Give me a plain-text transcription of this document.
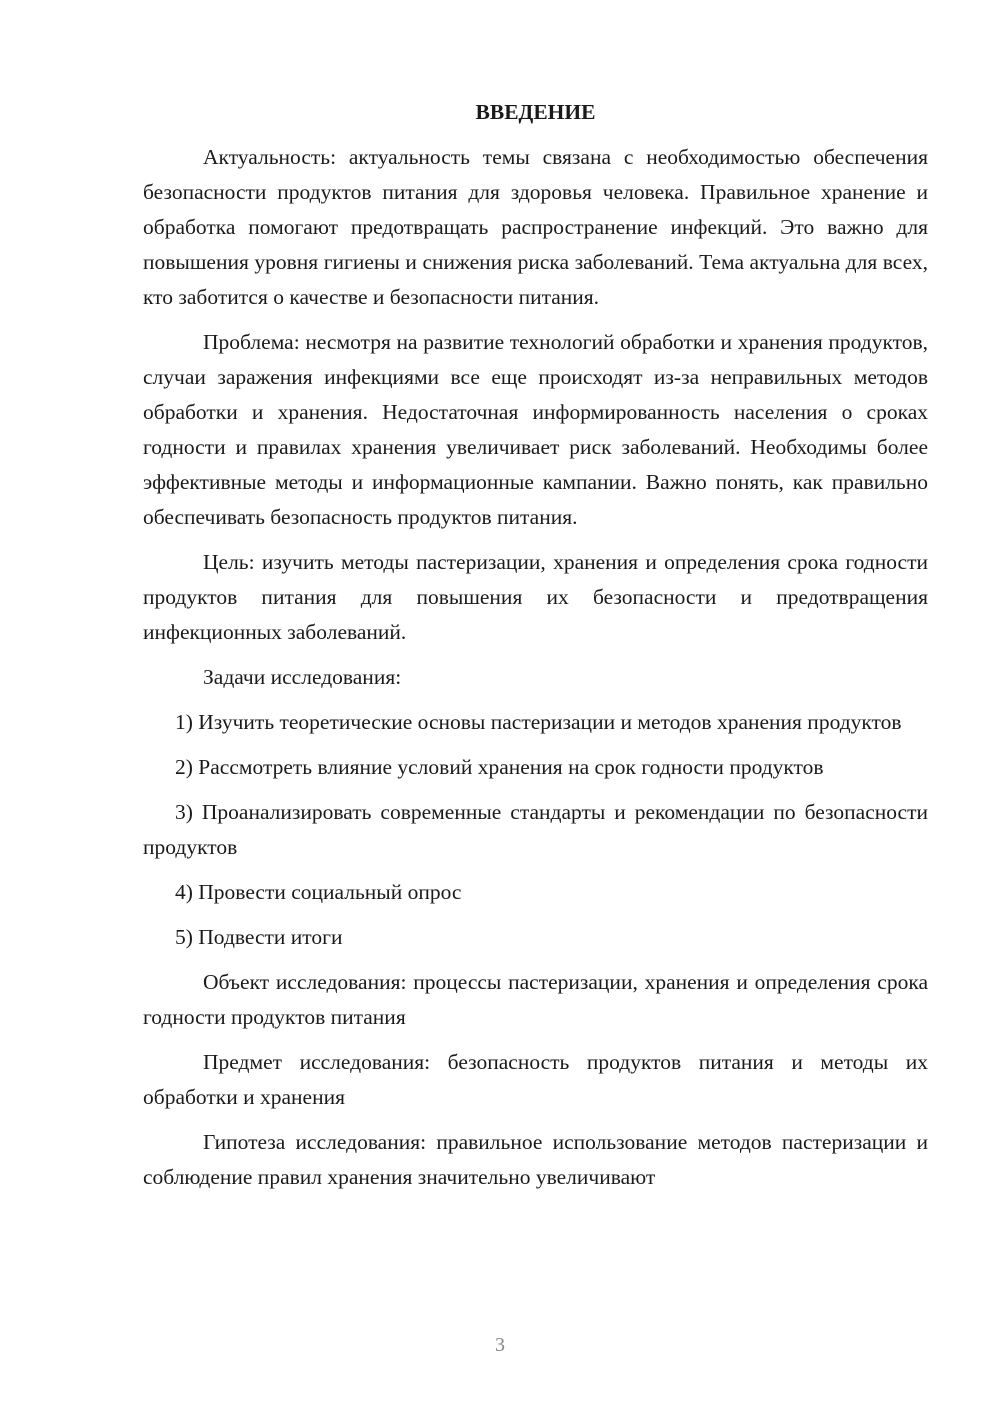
ВВЕДЕНИЕ

Актуальность: актуальность темы связана с необходимостью обеспечения безопасности продуктов питания для здоровья человека. Правильное хранение и обработка помогают предотвращать распространение инфекций. Это важно для повышения уровня гигиены и снижения риска заболеваний. Тема актуальна для всех, кто заботится о качестве и безопасности питания.

Проблема: несмотря на развитие технологий обработки и хранения продуктов, случаи заражения инфекциями все еще происходят из-за неправильных методов обработки и хранения. Недостаточная информированность населения о сроках годности и правилах хранения увеличивает риск заболеваний. Необходимы более эффективные методы и информационные кампании. Важно понять, как правильно обеспечивать безопасность продуктов питания.

Цель: изучить методы пастеризации, хранения и определения срока годности продуктов питания для повышения их безопасности и предотвращения инфекционных заболеваний.

Задачи исследования:

1) Изучить теоретические основы пастеризации и методов хранения продуктов

2) Рассмотреть влияние условий хранения на срок годности продуктов

3) Проанализировать современные стандарты и рекомендации по безопасности продуктов

4) Провести социальный опрос

5) Подвести итоги

Объект исследования: процессы пастеризации, хранения и определения срока годности продуктов питания

Предмет исследования: безопасность продуктов питания и методы их обработки и хранения

Гипотеза исследования: правильное использование методов пастеризации и соблюдение правил хранения значительно увеличивают

3
